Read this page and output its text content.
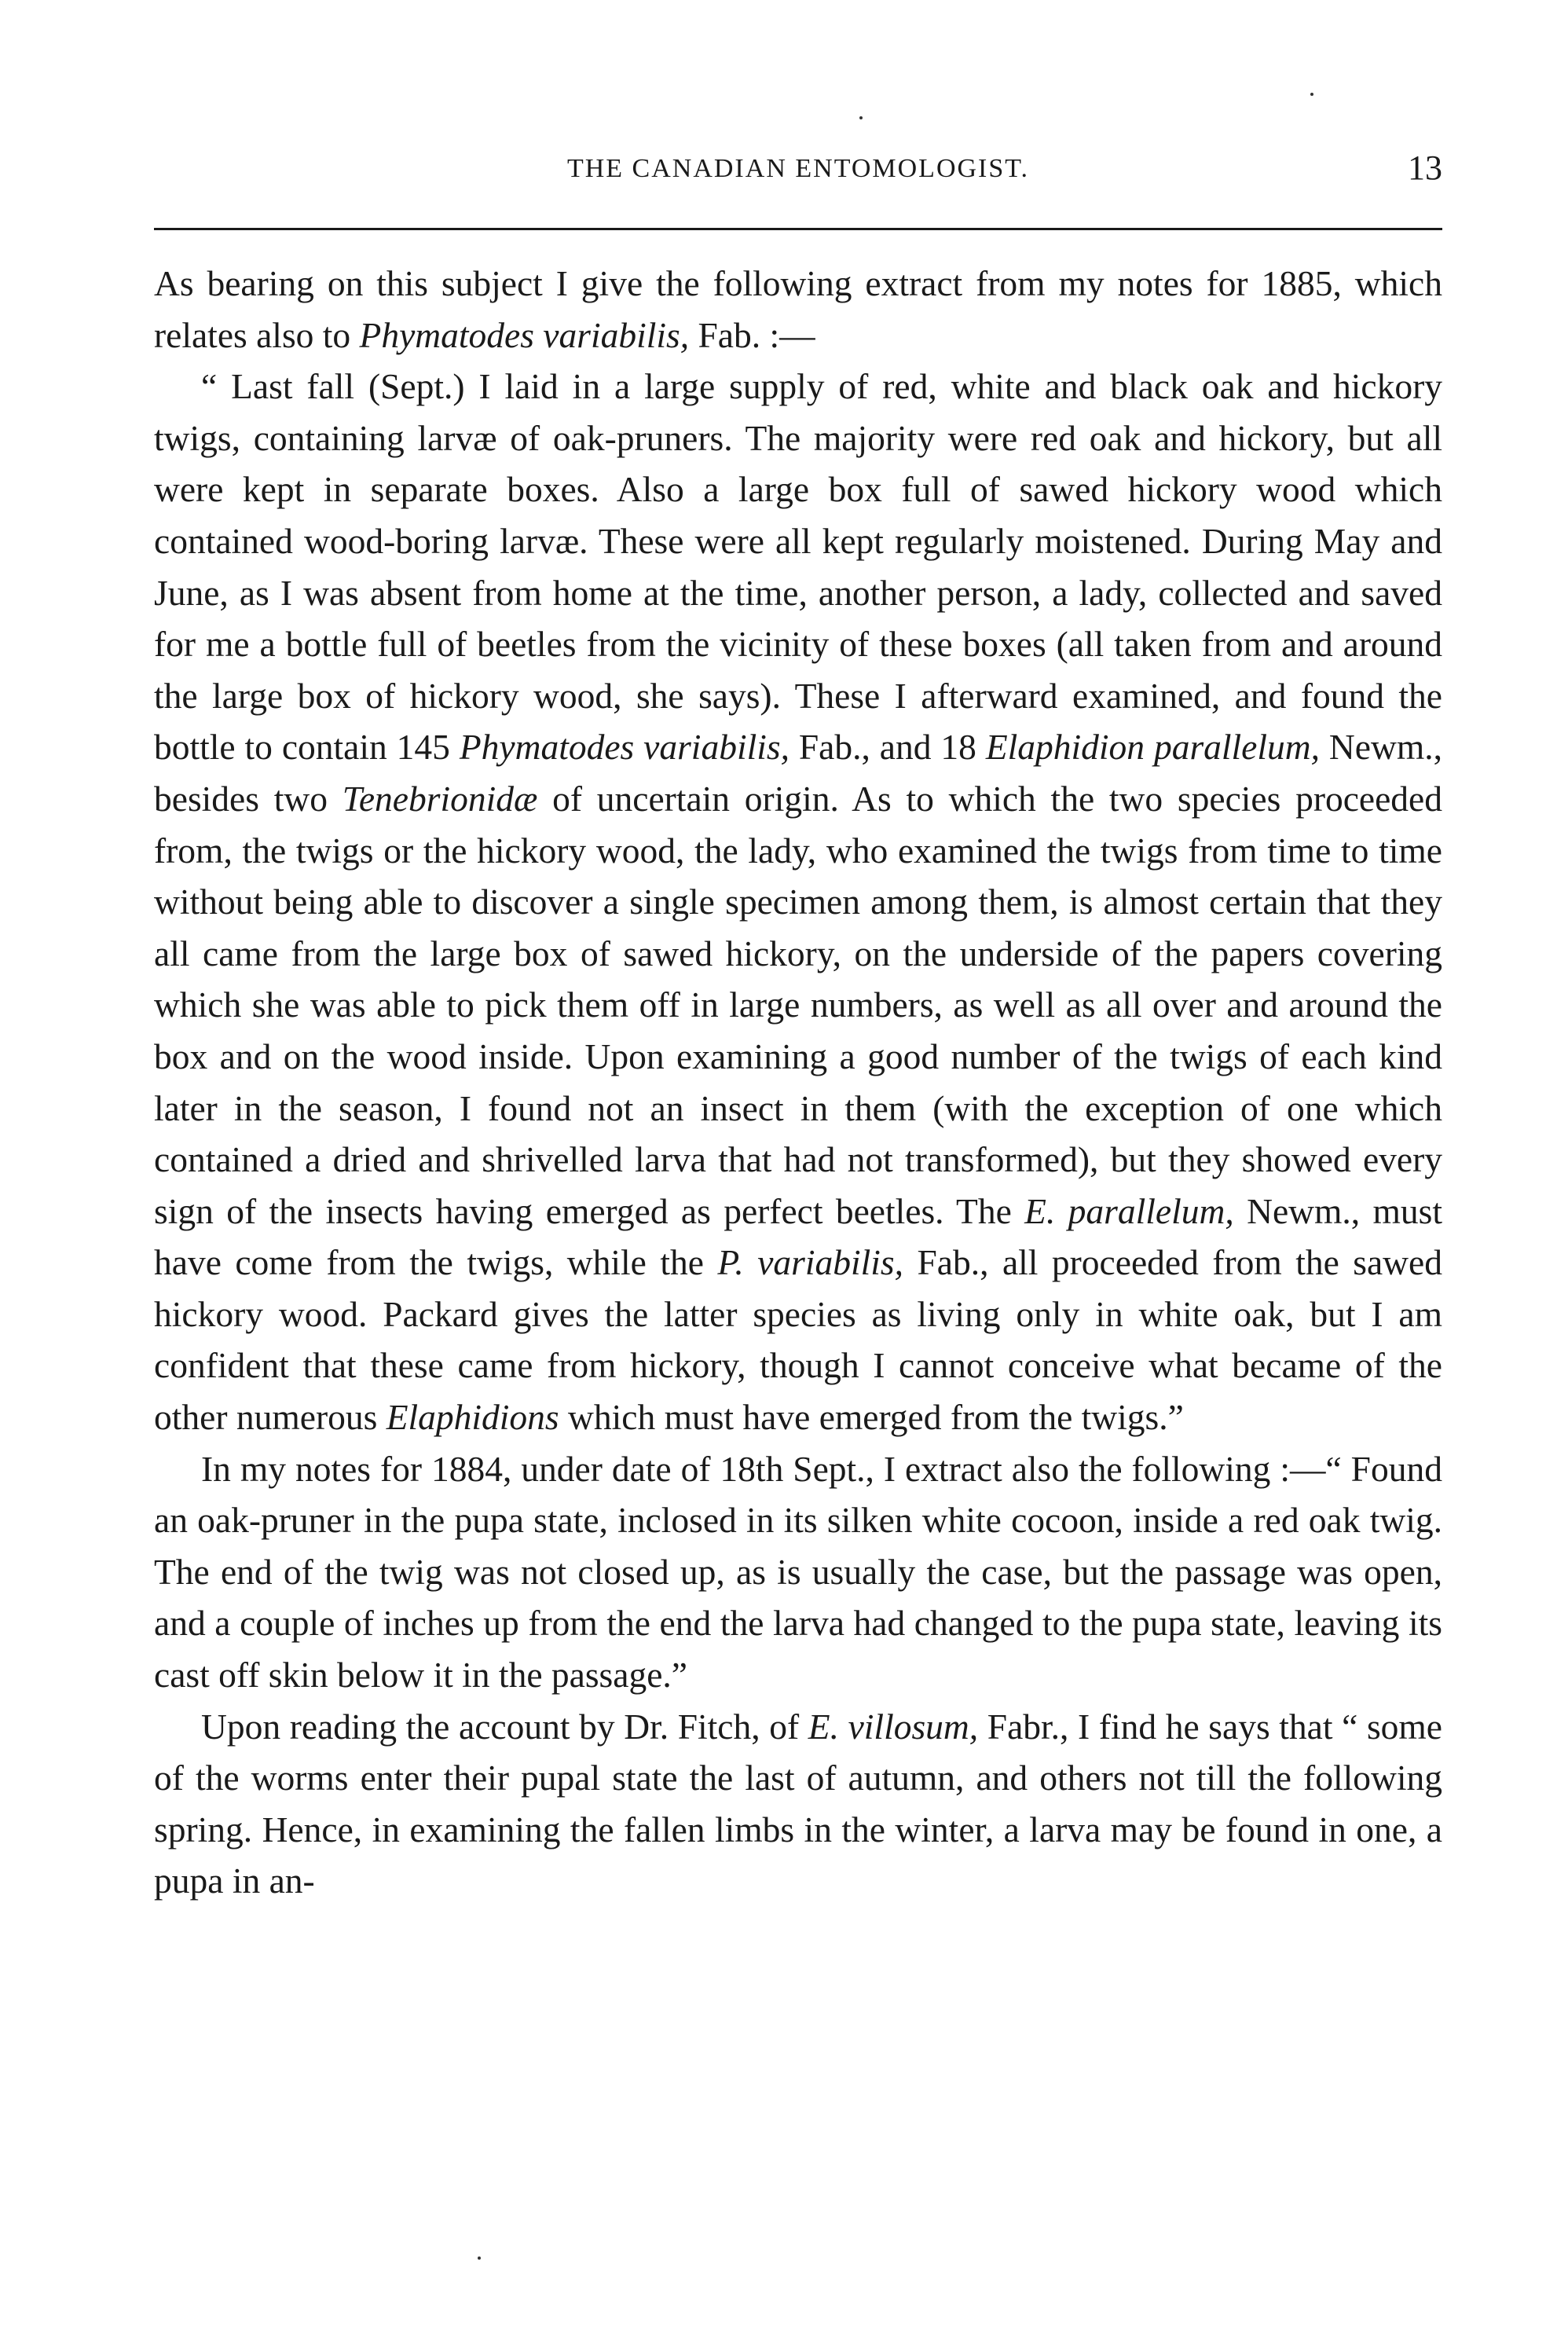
THE CANADIAN ENTOMOLOGIST.	13

As bearing on this subject I give the following extract from my notes for 1885, which relates also to Phymatodes variabilis, Fab. :—

“ Last fall (Sept.) I laid in a large supply of red, white and black oak and hickory twigs, containing larvæ of oak-pruners. The majority were red oak and hickory, but all were kept in separate boxes. Also a large box full of sawed hickory wood which contained wood-boring larvæ. These were all kept regularly moistened. During May and June, as I was absent from home at the time, another person, a lady, collected and saved for me a bottle full of beetles from the vicinity of these boxes (all taken from and around the large box of hickory wood, she says). These I afterward examined, and found the bottle to contain 145 Phymatodes variabilis, Fab., and 18 Elaphidion parallelum, Newm., besides two Tenebrionidæ of uncertain origin. As to which the two species proceeded from, the twigs or the hickory wood, the lady, who examined the twigs from time to time without being able to discover a single specimen among them, is almost certain that they all came from the large box of sawed hickory, on the underside of the papers covering which she was able to pick them off in large numbers, as well as all over and around the box and on the wood inside. Upon examining a good number of the twigs of each kind later in the season, I found not an insect in them (with the exception of one which contained a dried and shrivelled larva that had not transformed), but they showed every sign of the insects having emerged as perfect beetles. The E. parallelum, Newm., must have come from the twigs, while the P. variabilis, Fab., all proceeded from the sawed hickory wood. Packard gives the latter species as living only in white oak, but I am confident that these came from hickory, though I cannot conceive what became of the other numerous Elaphidions which must have emerged from the twigs.”

In my notes for 1884, under date of 18th Sept., I extract also the following :—“ Found an oak-pruner in the pupa state, inclosed in its silken white cocoon, inside a red oak twig. The end of the twig was not closed up, as is usually the case, but the passage was open, and a couple of inches up from the end the larva had changed to the pupa state, leaving its cast off skin below it in the passage.”

Upon reading the account by Dr. Fitch, of E. villosum, Fabr., I find he says that “ some of the worms enter their pupal state the last of autumn, and others not till the following spring. Hence, in examining the fallen limbs in the winter, a larva may be found in one, a pupa in an-
